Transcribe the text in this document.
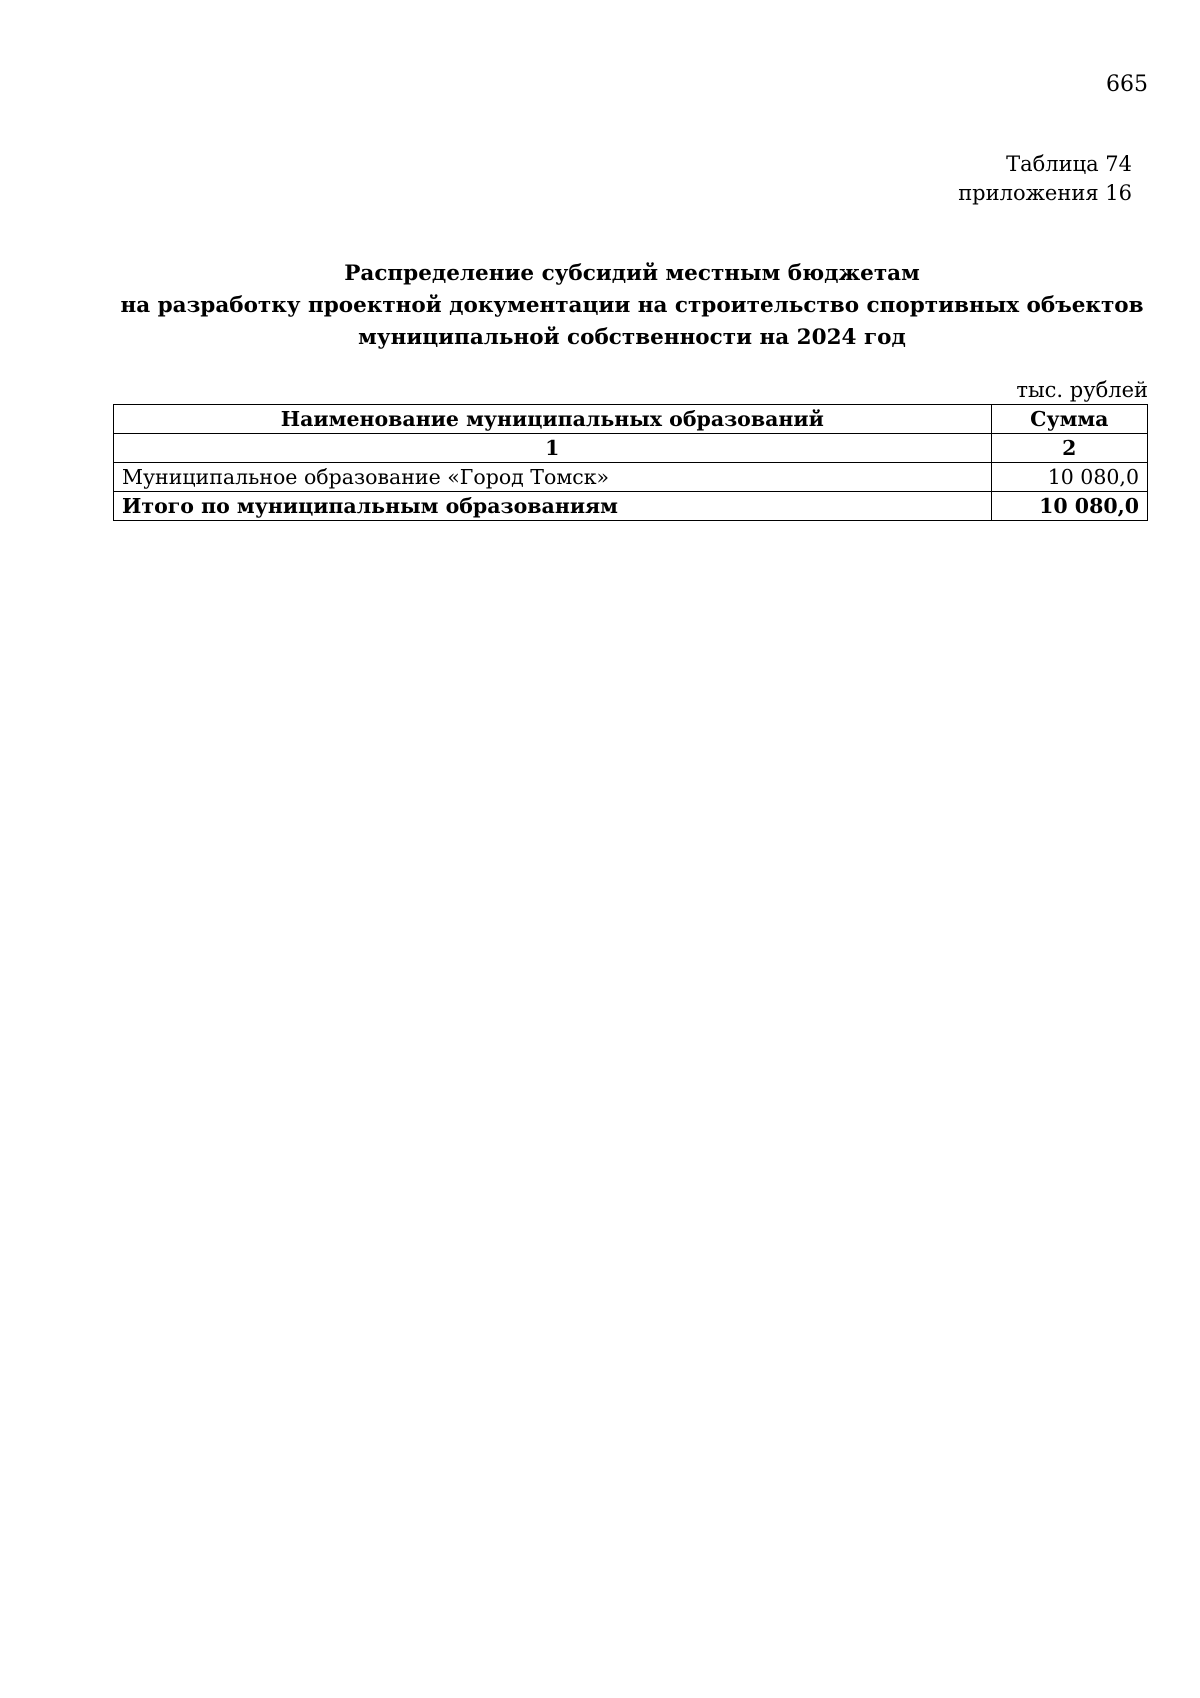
665
Таблица 74
приложения 16
Распределение субсидий местным бюджетам
на разработку проектной документации на строительство спортивных объектов
муниципальной собственности на 2024 год
тыс. рублей
Наименование муниципальных образований	Сумма
1	2
Муниципальное образование «Город Томск»	10 080,0
Итого по муниципальным образованиям	10 080,0
